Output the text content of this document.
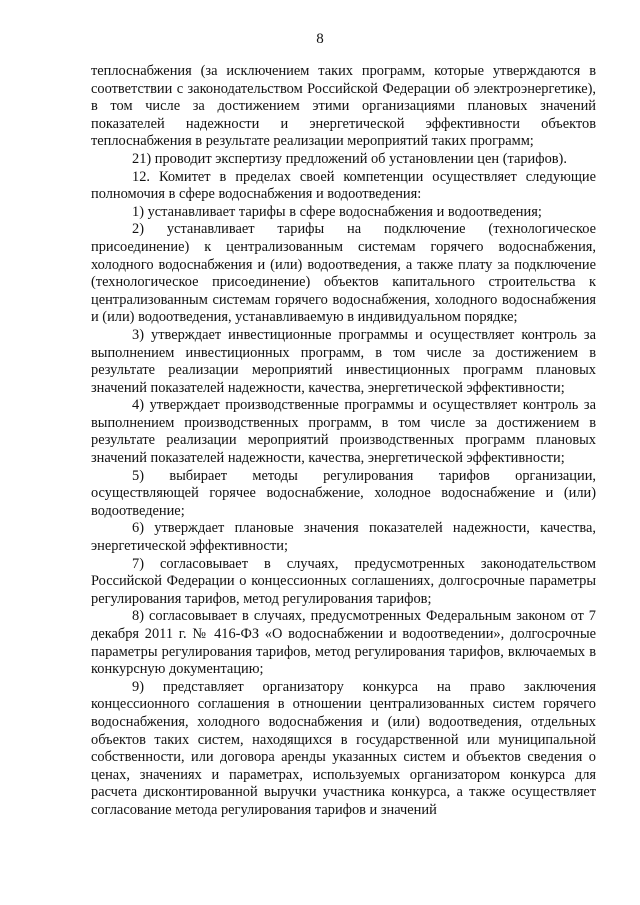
8

теплоснабжения (за исключением таких программ, которые утверждаются в соответствии с законодательством Российской Федерации об электроэнергетике), в том числе за достижением этими организациями плановых значений показателей надежности и энергетической эффективности объектов теплоснабжения в результате реализации мероприятий таких программ;

21) проводит экспертизу предложений об установлении цен (тарифов).

12. Комитет в пределах своей компетенции осуществляет следующие полномочия в сфере водоснабжения и водоотведения:

1) устанавливает тарифы в сфере водоснабжения и водоотведения;

2) устанавливает тарифы на подключение (технологическое присоединение) к централизованным системам горячего водоснабжения, холодного водоснабжения и (или) водоотведения, а также плату за подключение (технологическое присоединение) объектов капитального строительства к централизованным системам горячего водоснабжения, холодного водоснабжения и (или) водоотведения, устанавливаемую в индивидуальном порядке;

3) утверждает инвестиционные программы и осуществляет контроль за выполнением инвестиционных программ, в том числе за достижением в результате реализации мероприятий инвестиционных программ плановых значений показателей надежности, качества, энергетической эффективности;

4) утверждает производственные программы и осуществляет контроль за выполнением производственных программ, в том числе за достижением в результате реализации мероприятий производственных программ плановых значений показателей надежности, качества, энергетической эффективности;

5) выбирает методы регулирования тарифов организации, осуществляющей горячее водоснабжение, холодное водоснабжение и (или) водоотведение;

6) утверждает плановые значения показателей надежности, качества, энергетической эффективности;

7) согласовывает в случаях, предусмотренных законодательством Российской Федерации о концессионных соглашениях, долгосрочные параметры регулирования тарифов, метод регулирования тарифов;

8) согласовывает в случаях, предусмотренных Федеральным законом от 7 декабря 2011 г. № 416-ФЗ «О водоснабжении и водоотведении», долгосрочные параметры регулирования тарифов, метод регулирования тарифов, включаемых в конкурсную документацию;

9) представляет организатору конкурса на право заключения концессионного соглашения в отношении централизованных систем горячего водоснабжения, холодного водоснабжения и (или) водоотведения, отдельных объектов таких систем, находящихся в государственной или муниципальной собственности, или договора аренды указанных систем и объектов сведения о ценах, значениях и параметрах, используемых организатором конкурса для расчета дисконтированной выручки участника конкурса, а также осуществляет согласование метода регулирования тарифов и значений
